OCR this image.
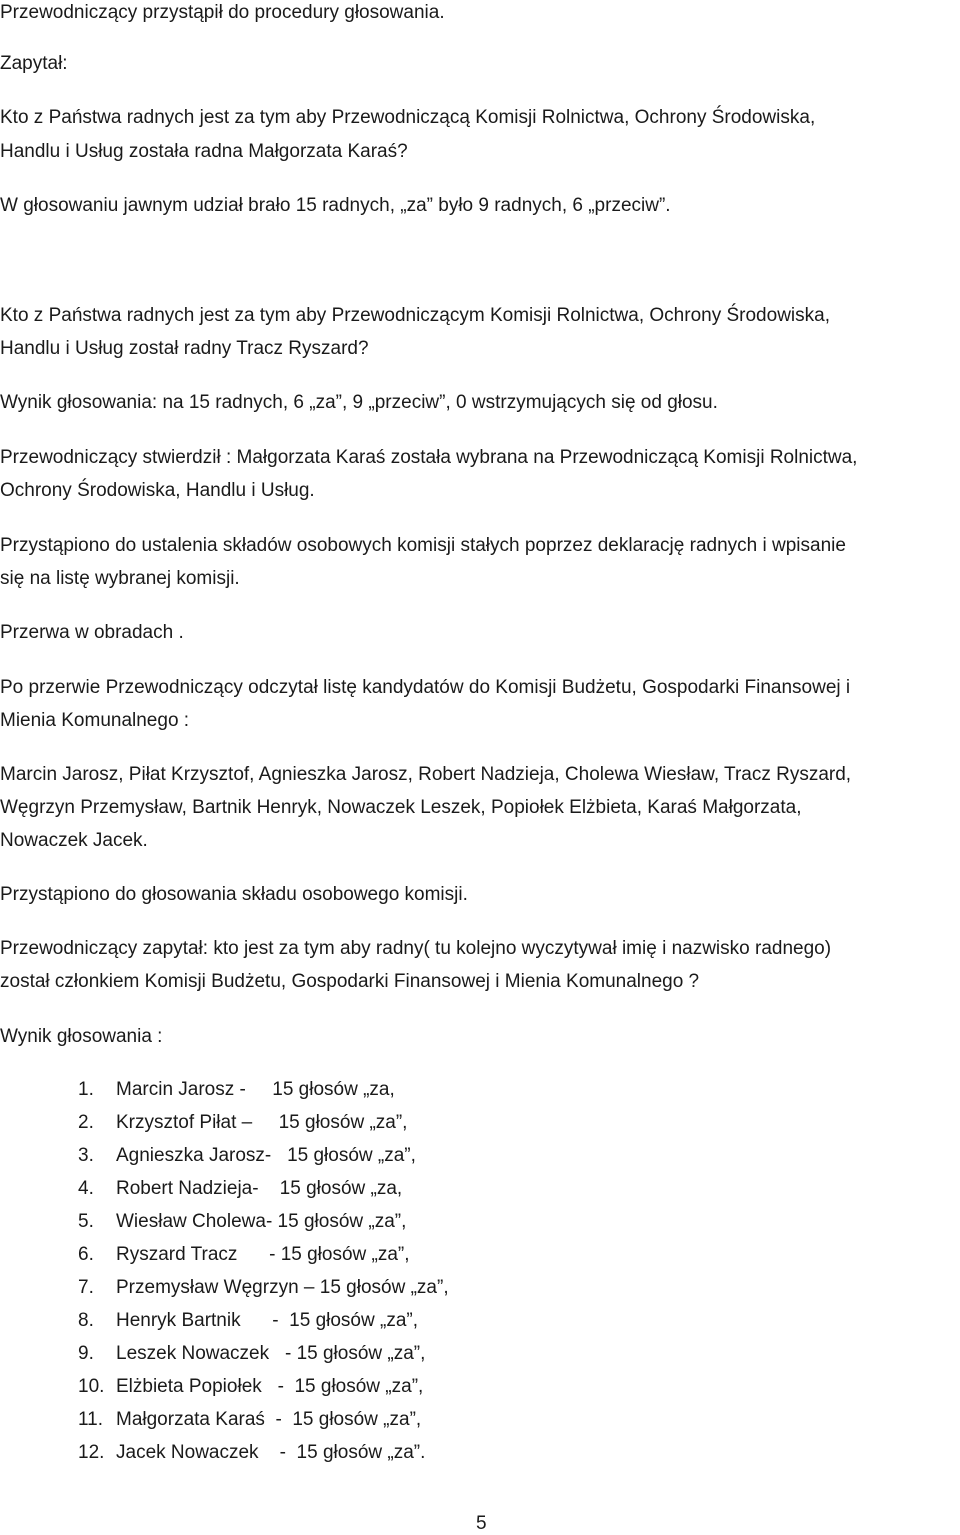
Przewodniczący przystąpił do procedury głosowania.

Zapytał:

Kto z Państwa radnych jest za tym aby Przewodniczącą Komisji Rolnictwa, Ochrony Środowiska,

Handlu i Usług została radna Małgorzata Karaś?

W głosowaniu jawnym udział brało 15 radnych, „za” było 9 radnych, 6 „przeciw”.

Kto z Państwa radnych jest za tym aby Przewodniczącym Komisji Rolnictwa, Ochrony Środowiska,

Handlu i Usług został radny Tracz Ryszard?

Wynik głosowania: na 15 radnych, 6 „za”, 9 „przeciw”, 0 wstrzymujących się od głosu.

Przewodniczący stwierdził : Małgorzata Karaś została wybrana na Przewodniczącą Komisji Rolnictwa,

Ochrony Środowiska, Handlu i Usług.

Przystąpiono do ustalenia składów osobowych komisji stałych poprzez deklarację radnych i wpisanie

się na listę wybranej komisji.

Przerwa w obradach .

Po przerwie Przewodniczący odczytał listę kandydatów do Komisji Budżetu, Gospodarki Finansowej i

Mienia Komunalnego :

Marcin Jarosz, Piłat Krzysztof, Agnieszka Jarosz, Robert Nadzieja, Cholewa Wiesław, Tracz Ryszard,

Węgrzyn Przemysław, Bartnik Henryk, Nowaczek Leszek, Popiołek Elżbieta, Karaś Małgorzata,

Nowaczek Jacek.

Przystąpiono do głosowania składu osobowego komisji.

Przewodniczący zapytał: kto jest za tym aby radny( tu kolejno wyczytywał imię i nazwisko radnego)

został członkiem Komisji Budżetu, Gospodarki Finansowej i Mienia Komunalnego ?

Wynik głosowania :

1. Marcin Jarosz -     15 głosów „za,
2. Krzysztof Piłat –     15 głosów „za”,
3. Agnieszka Jarosz-   15 głosów „za”,
4. Robert Nadzieja-    15 głosów „za,
5. Wiesław Cholewa- 15 głosów „za”,
6. Ryszard Tracz      - 15 głosów „za”,
7. Przemysław Węgrzyn – 15 głosów „za”,
8. Henryk Bartnik      -  15 głosów „za”,
9. Leszek Nowaczek   - 15 głosów „za”,
10. Elżbieta Popiołek   -  15 głosów „za”,
11. Małgorzata Karaś  -  15 głosów „za”,
12. Jacek Nowaczek    -  15 głosów „za”.
5
